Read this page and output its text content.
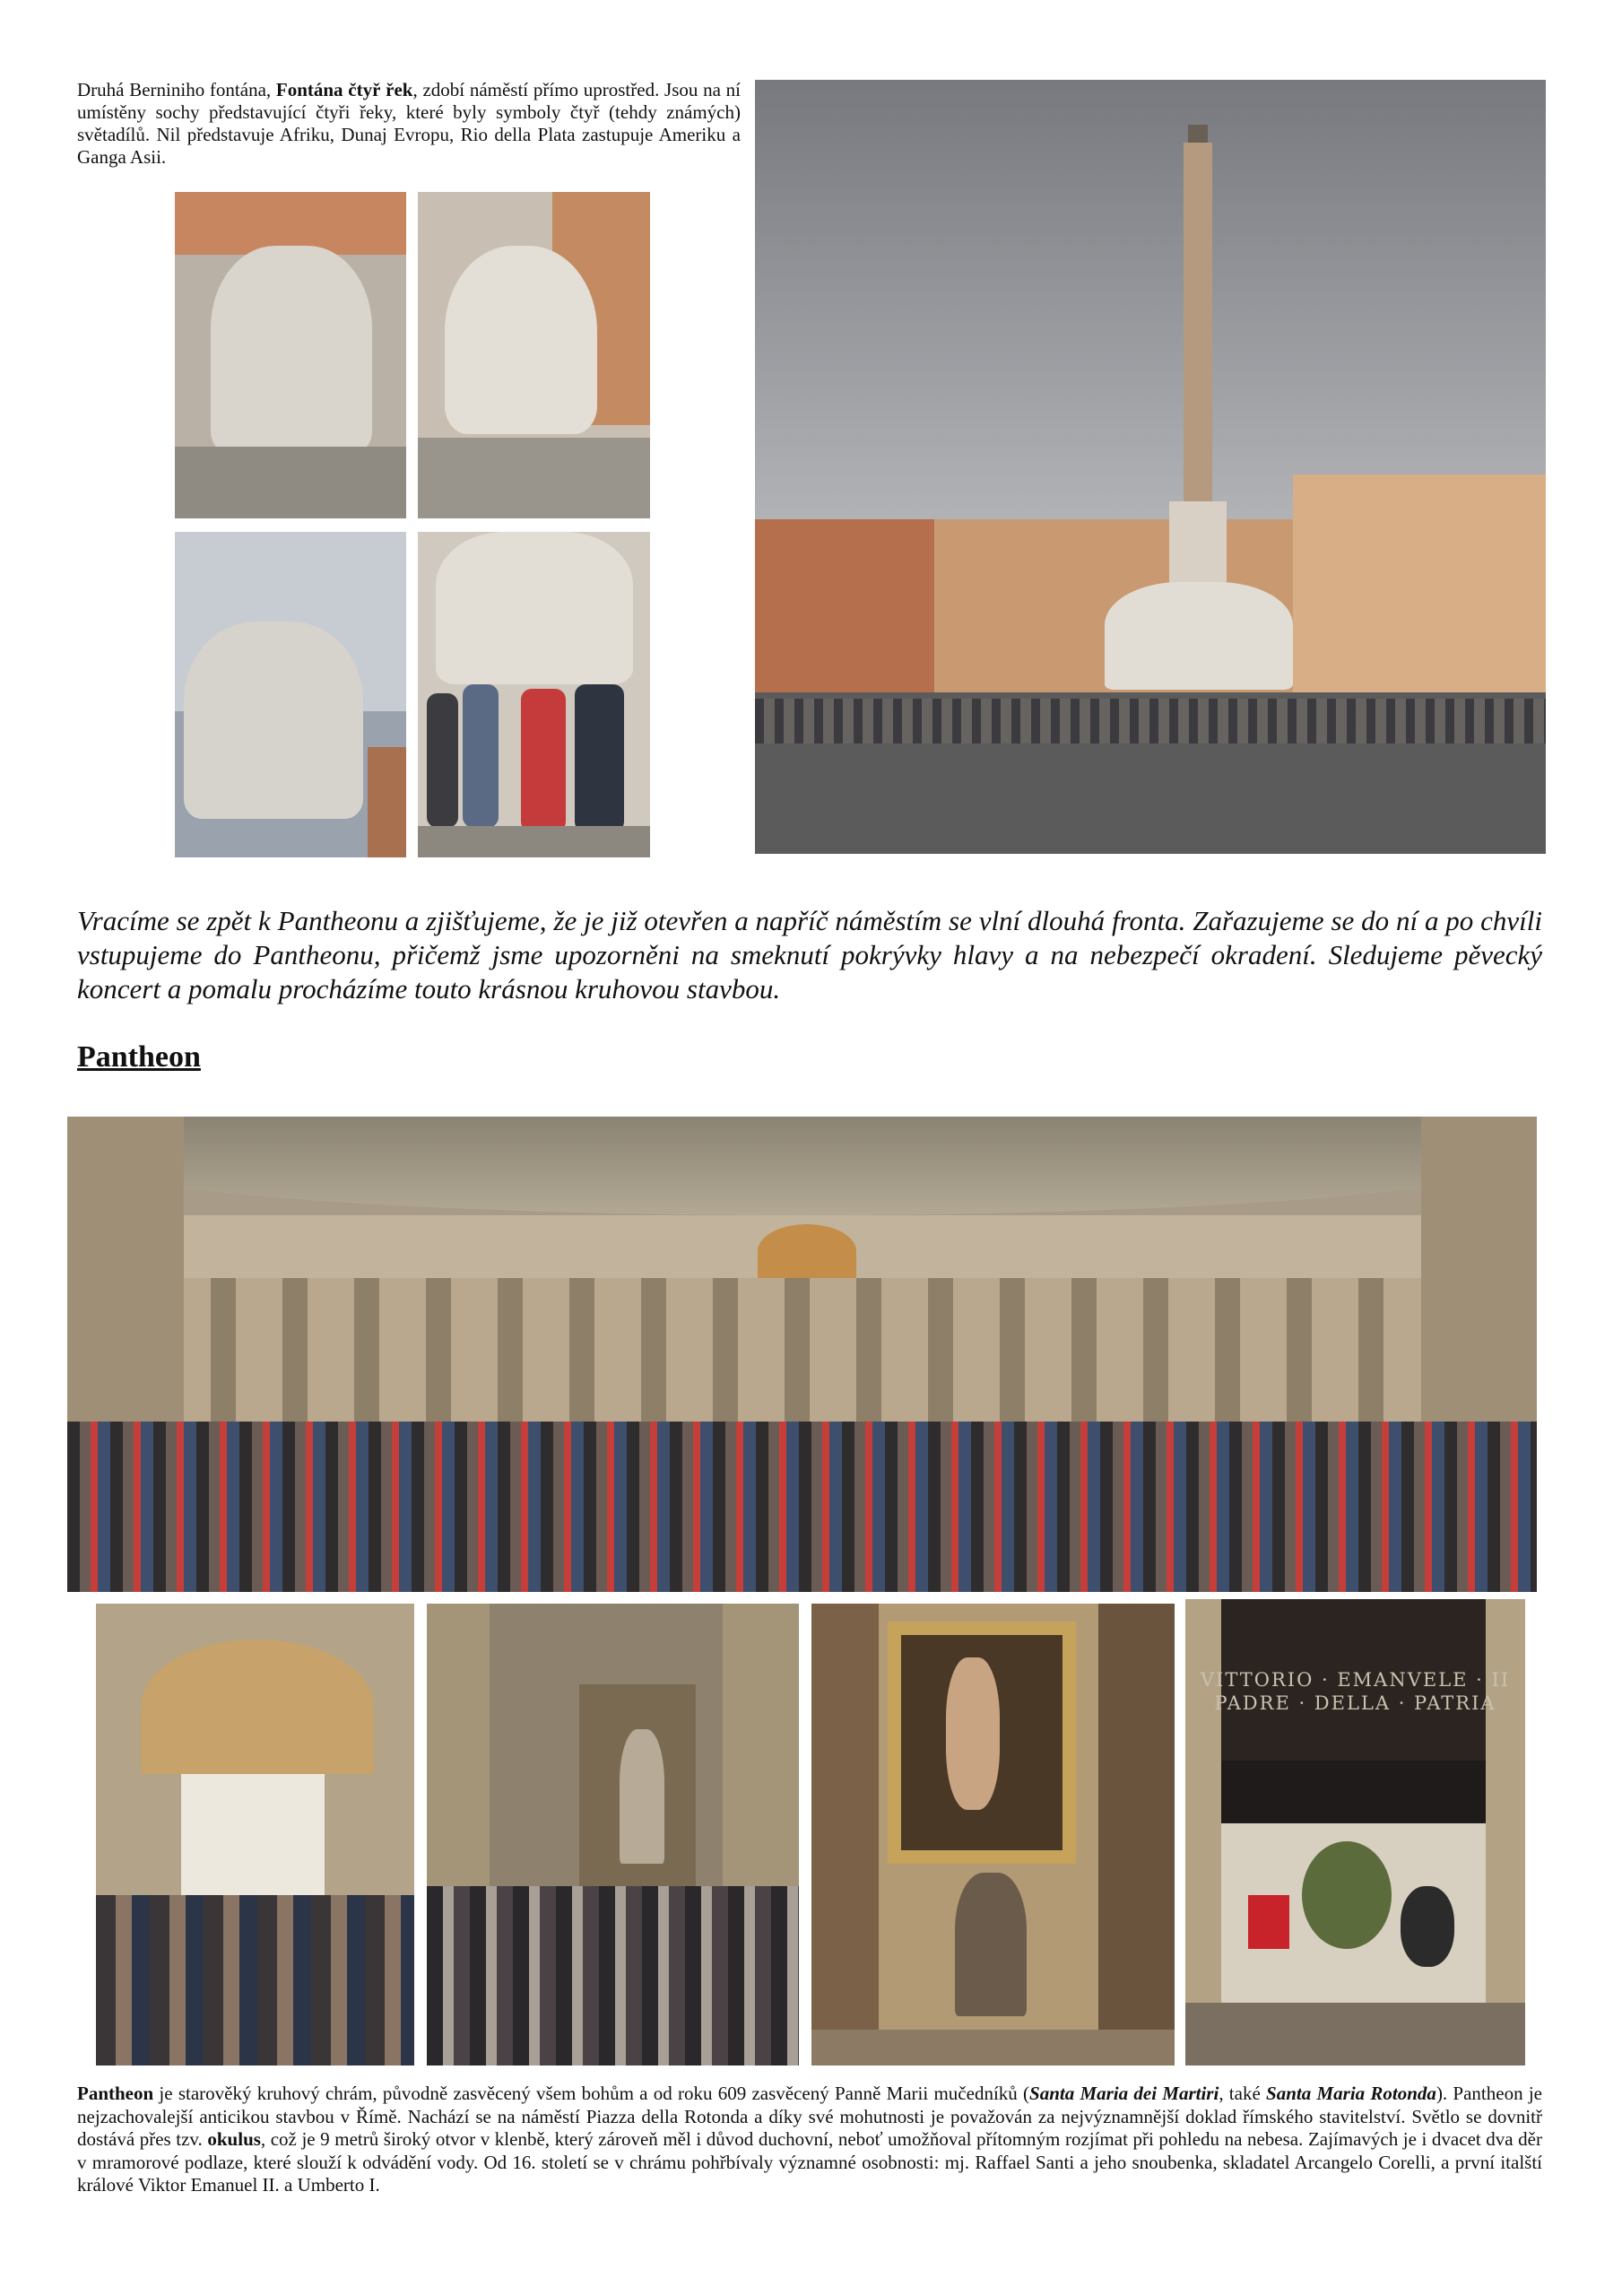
Druhá Berniniho fontána, Fontána čtyř řek, zdobí náměstí přímo uprostřed. Jsou na ní umístěny sochy představující čtyři řeky, které byly symboly čtyř (tehdy známých) světadílů. Nil představuje Afriku, Dunaj Evropu, Rio della Plata zastupuje Ameriku a Ganga Asii.
Vracíme se zpět k Pantheonu a zjišťujeme, že je již otevřen a napříč náměstím se vlní dlouhá fronta. Zařazujeme se do ní a po chvíli vstupujeme do Pantheonu, přičemž jsme upozorněni na smeknutí pokrývky hlavy a na nebezpečí okradení. Sledujeme pěvecký koncert a pomalu procházíme touto krásnou kruhovou stavbou.
Pantheon
VITTORIO · EMANVELE · II
PADRE · DELLA · PATRIA
Pantheon je starověký kruhový chrám, původně zasvěcený všem bohům a od roku 609 zasvěcený Panně Marii mučedníků (Santa Maria dei Martiri, také Santa Maria Rotonda). Pantheon je nejzachovalejší anticikou stavbou v Římě. Nachází se na náměstí Piazza della Rotonda a díky své mohutnosti je považován za nejvýznamnější doklad římského stavitelství. Světlo se dovnitř dostává přes tzv. okulus, což je 9 metrů široký otvor v klenbě, který zároveň měl i důvod duchovní, neboť umožňoval přítomným rozjímat při pohledu na nebesa. Zajímavých je i dvacet dva děr v mramorové podlaze, které slouží k odvádění vody. Od 16. století se v chrámu pohřbívaly významné osobnosti: mj. Raffael Santi a jeho snoubenka, skladatel Arcangelo Corelli, a první italští králové Viktor Emanuel II. a Umberto I.
